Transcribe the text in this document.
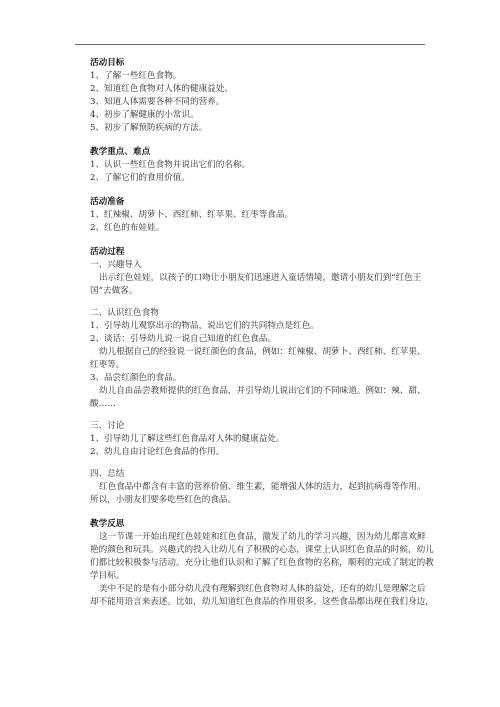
活动目标
1、了解一些红色食物。
2、知道红色食物对人体的健康益处。
3、知道人体需要各种不同的营养。
4、初步了解健康的小常识。
5、初步了解预防疾病的方法。
教学重点、难点
1、认识一些红色食物并说出它们的名称。
2、了解它们的食用价值。
活动准备
1、红辣椒、胡萝卜、西红柿、红苹果、红枣等食品。
2、红色的布娃娃。
活动过程
一、兴趣导入
出示红色娃娃，以孩子的口吻让小朋友们迅速进入童话情境，邀请小朋友们到“红色王
国”去做客。
二、认识红色食物
1、引导幼儿观察出示的物品，说出它们的共同特点是红色。
2、谈话：引导幼儿说一说自己知道的红色食品。
幼儿根据自己的经验说一说红颜色的食品，例如：红辣椒、胡萝卜、西红柿、红苹果、
红枣等。
3、品尝红颜色的食品。
幼儿自由品尝教师提供的红色食品，并引导幼儿说出它们的不同味道。例如：辣、甜、
酸……
三、讨论
1、引导幼儿了解这些红色食品对人体的健康益处。
2、幼儿自由讨论红色食品的作用。
四、总结
红色食品中都含有丰富的营养价值、维生素，能增强人体的活力，起到抗病毒等作用。
所以，小朋友们要多吃些红色的食品。
教学反思
这一节课一开始出现红色娃娃和红色食品，激发了幼儿的学习兴趣，因为幼儿都喜欢鲜
艳的颜色和玩具。兴趣式的投入让幼儿有了积极的心态，课堂上认识红色食品的时候，幼儿
们都比较积极参与活动。充分让他们认识和了解了红色食物的名称，顺利的完成了制定的教
学目标。
美中不足的是有小部分幼儿没有理解到红色食物对人体的益处，还有的幼儿是理解之后
却不能用语言来表述。比如，幼儿知道红色食品的作用很多，这些食品都出现在我们身边，
